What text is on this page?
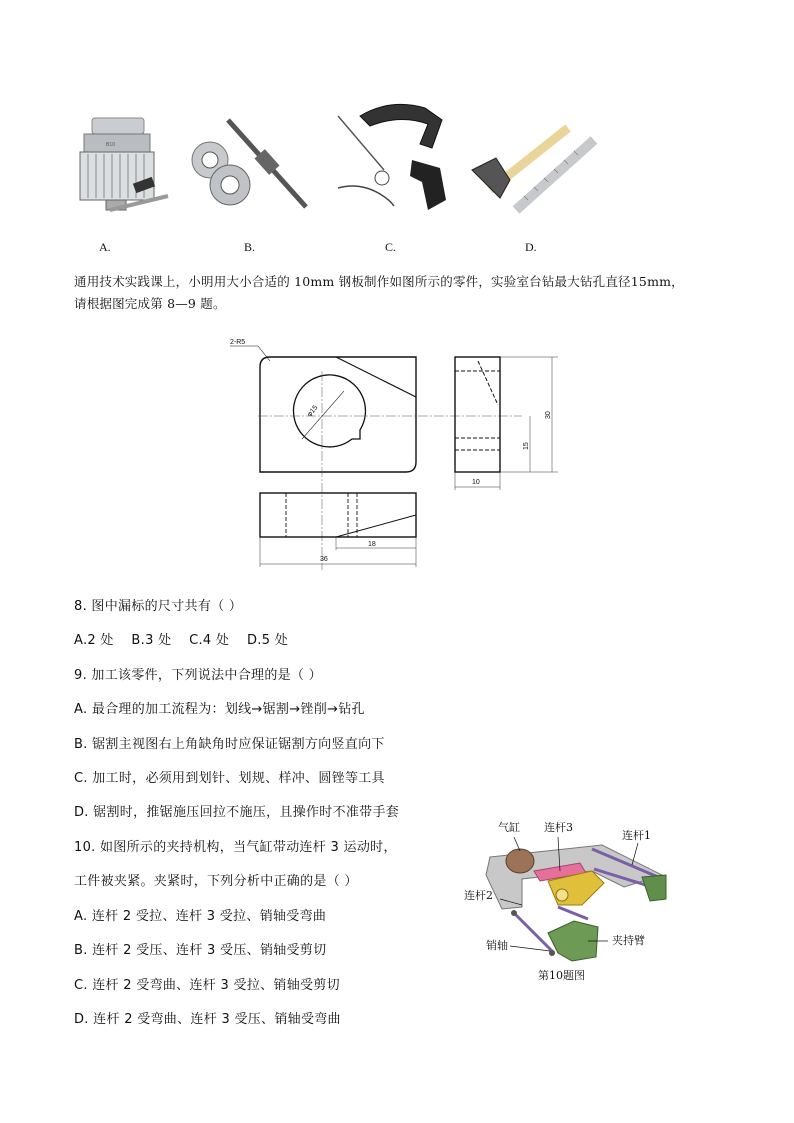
B10
A.	B.	C.	D.
通用技术实践课上，小明用大小合适的 10mm 钢板制作如图所示的零件，实验室台钻最大钻孔直径15mm，
请根据图完成第 8—9 题。
2-R5
φ15	30
15
10
18
36
8. 图中漏标的尺寸共有（ ）
A.2 处    B.3 处    C.4 处    D.5 处
9. 加工该零件，下列说法中合理的是（ ）
A. 最合理的加工流程为：划线→锯割→锉削→钻孔
B. 锯割主视图右上角缺角时应保证锯割方向竖直向下
C. 加工时，必须用到划针、划规、样冲、圆锉等工具
D. 锯割时，推锯施压回拉不施压，且操作时不准带手套
10. 如图所示的夹持机构，当气缸带动连杆 3 运动时，
工件被夹紧。夹紧时，下列分析中正确的是（ ）
A. 连杆 2 受拉、连杆 3 受拉、销轴受弯曲
B. 连杆 2 受压、连杆 3 受压、销轴受剪切
C. 连杆 2 受弯曲、连杆 3 受拉、销轴受剪切
D. 连杆 2 受弯曲、连杆 3 受压、销轴受弯曲
气缸 连杆3
连杆1
连杆2
销轴	夹持臂
第10题图
